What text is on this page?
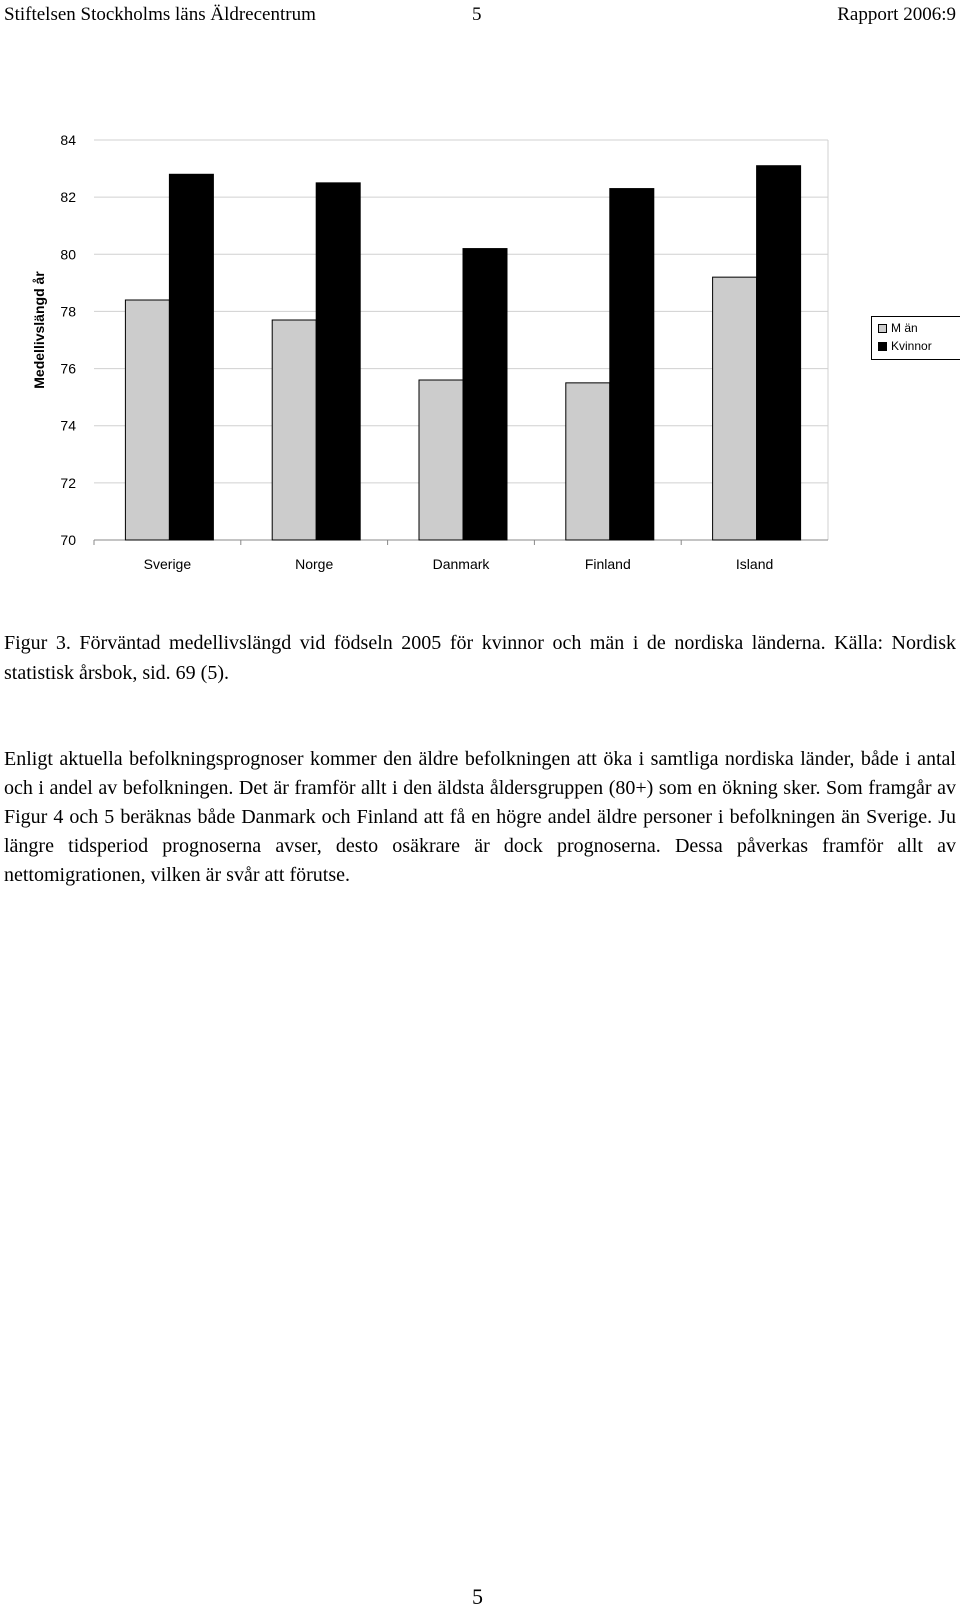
Stiftelsen Stockholms läns Äldrecentrum	5	Rapport 2006:9
70
72
74
76
78
80
82
84
Sverige	Norge	Danmark	Finland	Island
Medellivslängd år	M än
Kvinnor
Figur 3. Förväntad medellivslängd vid födseln 2005 för kvinnor och män i de nordiska länderna. Källa: Nordisk statistisk årsbok, sid. 69 (5).
Enligt aktuella befolkningsprognoser kommer den äldre befolkningen att öka i samtliga nordiska länder, både i antal och i andel av befolkningen. Det är framför allt i den äldsta åldersgruppen (80+) som en ökning sker. Som framgår av Figur 4 och 5 beräknas både Danmark och Finland att få en högre andel äldre personer i befolkningen än Sverige. Ju längre tidsperiod prognoserna avser, desto osäkrare är dock prognoserna. Dessa påverkas framför allt av nettomigrationen, vilken är svår att förutse.
5
